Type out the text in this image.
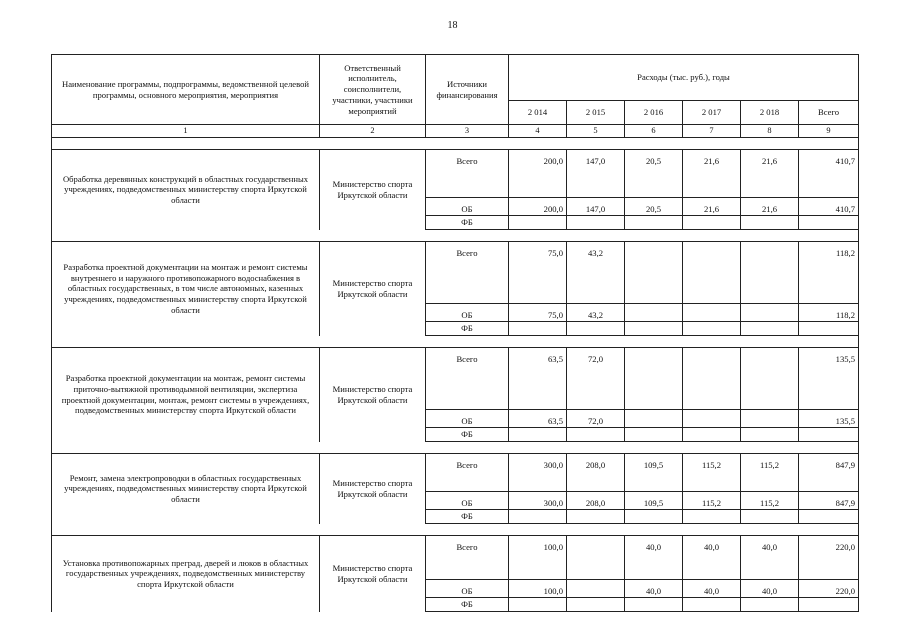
18
Наименование программы, подпрограммы, ведомственной целевой программы, основного мероприятия, мероприятия	Ответственный исполнитель, соисполнители, участники, участники мероприятий	Источники финансирования	Расходы (тыс. руб.), годы					
			2 014	2 015	2 016	2 017	2 018	Всего
1	2	3	4	5	6	7	8	9

Обработка деревянных конструкций в областных государственных учреждениях, подведомственных министерству спорта Иркутской области	Министерство спорта Иркутской области	Всего	200,0	147,0	20,5	21,6	21,6	410,7
		ОБ	200,0	147,0	20,5	21,6	21,6	410,7
		ФБ						

Разработка проектной документации на монтаж и ремонт системы внутреннего и наружного противопожарного водоснабжения в областных государственных, в том числе автономных, казенных учреждениях, подведомственных министерству спорта Иркутской области	Министерство спорта Иркутской области	Всего	75,0	43,2				118,2
		ОБ	75,0	43,2				118,2
		ФБ						

Разработка проектной документации на монтаж, ремонт системы приточно-вытяжной противодымной вентиляции, экспертиза проектной документации, монтаж, ремонт системы в учреждениях, подведомственных министерству спорта Иркутской области	Министерство спорта Иркутской области	Всего	63,5	72,0				135,5
		ОБ	63,5	72,0				135,5
		ФБ						

Ремонт, замена электропроводки в областных государственных учреждениях, подведомственных министерству спорта Иркутской области	Министерство спорта Иркутской области	Всего	300,0	208,0	109,5	115,2	115,2	847,9
		ОБ	300,0	208,0	109,5	115,2	115,2	847,9
		ФБ						

Установка противопожарных преград, дверей и люков в областных государственных учреждениях, подведомственных министерству спорта Иркутской области	Министерство спорта Иркутской области	Всего	100,0		40,0	40,0	40,0	220,0
		ОБ	100,0		40,0	40,0	40,0	220,0
		ФБ						
